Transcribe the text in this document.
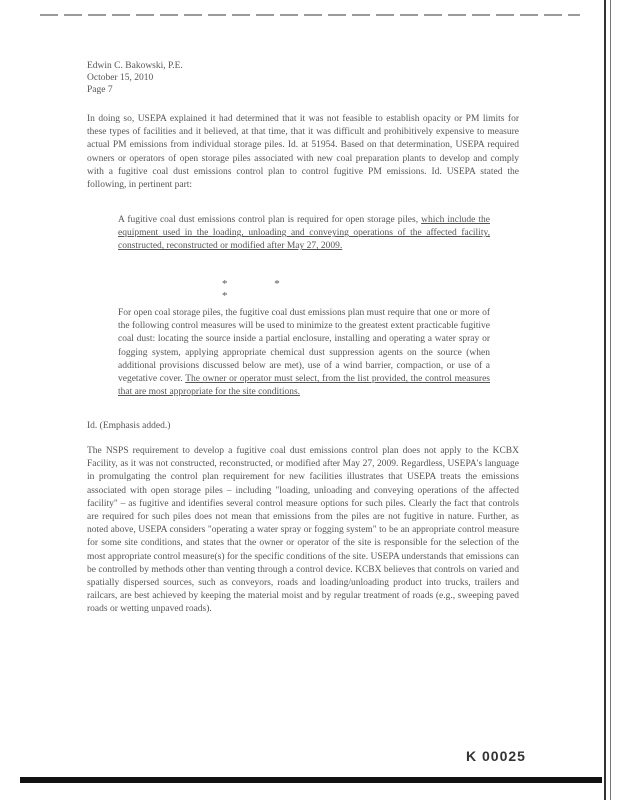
Edwin C. Bakowski, P.E.
October 15, 2010
Page 7
In doing so, USEPA explained it had determined that it was not feasible to establish opacity or PM limits for these types of facilities and it believed, at that time, that it was difficult and prohibitively expensive to measure actual PM emissions from individual storage piles. Id. at 51954. Based on that determination, USEPA required owners or operators of open storage piles associated with new coal preparation plants to develop and comply with a fugitive coal dust emissions control plan to control fugitive PM emissions. Id. USEPA stated the following, in pertinent part:
A fugitive coal dust emissions control plan is required for open storage piles, which include the equipment used in the loading, unloading and conveying operations of the affected facility, constructed, reconstructed or modified after May 27, 2009.
* * *
For open coal storage piles, the fugitive coal dust emissions plan must require that one or more of the following control measures will be used to minimize to the greatest extent practicable fugitive coal dust: locating the source inside a partial enclosure, installing and operating a water spray or fogging system, applying appropriate chemical dust suppression agents on the source (when additional provisions discussed below are met), use of a wind barrier, compaction, or use of a vegetative cover. The owner or operator must select, from the list provided, the control measures that are most appropriate for the site conditions.
Id. (Emphasis added.)
The NSPS requirement to develop a fugitive coal dust emissions control plan does not apply to the KCBX Facility, as it was not constructed, reconstructed, or modified after May 27, 2009. Regardless, USEPA's language in promulgating the control plan requirement for new facilities illustrates that USEPA treats the emissions associated with open storage piles – including "loading, unloading and conveying operations of the affected facility" – as fugitive and identifies several control measure options for such piles. Clearly the fact that controls are required for such piles does not mean that emissions from the piles are not fugitive in nature. Further, as noted above, USEPA considers "operating a water spray or fogging system" to be an appropriate control measure for some site conditions, and states that the owner or operator of the site is responsible for the selection of the most appropriate control measure(s) for the specific conditions of the site. USEPA understands that emissions can be controlled by methods other than venting through a control device. KCBX believes that controls on varied and spatially dispersed sources, such as conveyors, roads and loading/unloading product into trucks, trailers and railcars, are best achieved by keeping the material moist and by regular treatment of roads (e.g., sweeping paved roads or wetting unpaved roads).
K 00025
